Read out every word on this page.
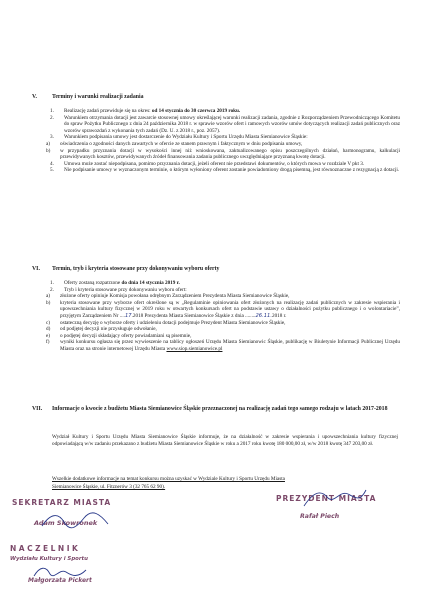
V.	Terminy i warunki realizacji zadania

1. Realizację zadań przewiduje się na okres: od 14 stycznia do 30 czerwca 2019 roku.

2. Warunkiem otrzymania dotacji jest zawarcie stosownej umowy określającej warunki realizacji zadania, zgodnie z Rozporządzeniem Przewodniczącego Komitetu do spraw Pożytku Publicznego z dnia 24 października 2018 r. w sprawie wzorów ofert i ramowych wzorów umów dotyczących realizacji zadań publicznych oraz wzorów sprawozdań z wykonania tych zadań (Dz. U. z 2018 r., poz. 2057).

3. Warunkiem podpisania umowy jest dostarczenie do Wydziału Kultury i Sportu Urzędu Miasta Siemianowice Śląskie:

a) oświadczenia o zgodności danych zawartych w ofercie ze stanem prawnym i faktycznym w dniu podpisania umowy,

b) w przypadku przyznania dotacji w wysokości innej niż wnioskowana, zaktualizowanego opisu poszczególnych działań, harmonogramu, kalkulacji przewidywanych kosztów, przewidywanych źródeł finansowania zadania publicznego uwzględniające przyznaną kwotę dotacji.

4. Umowa może zostać niepodpisana, pomimo przyznania dotacji, jeżeli oferent nie przedstawi dokumentów, o których mowa w rozdziale V pkt 3.

5. Nie podpisanie umowy w wyznaczonym terminie, o którym wyłoniony oferent zostanie powiadomiony drogą pisemną, jest równoznaczne z rezygnacją z dotacji.

VI. Termin, tryb i kryteria stosowane przy dokonywaniu wyboru oferty

1. Oferty zostaną rozpatrzone do dnia 14 stycznia 2019 r.

2. Tryb i kryteria stosowane przy dokonywaniu wyboru ofert:

a) złożone oferty opiniuje Komisja powołana odrębnym Zarządzeniem Prezydenta Miasta Siemianowice Śląskie,

b) kryteria stosowane przy wyborze ofert określone są w „Regulaminie opiniowania ofert złożonych na realizację zadań publicznych w zakresie wspierania i upowszechniania kultury fizycznej w 2019 roku w otwartych konkursach ofert na podstawie ustawy o działalności pożytku publicznego i o wolontariacie”, przyjętym Zarządzeniem Nr ....17.2018 Prezydenta Miasta Siemianowice Śląskie z dnia ........26.11.2018 r.

c) ostateczną decyzję o wyborze oferty i udzieleniu dotacji podejmuje Prezydent Miasta Siemianowice Śląskie,

d) od podjętej decyzji nie przysługuje odwołanie,

e) o podjętej decyzji składający oferty powiadamiani są pisemnie,

f) wyniki konkursu ogłasza się przez wywieszenie na tablicy ogłoszeń Urzędu Miasta Siemianowic Śląskie, publikację w Biuletynie Informacji Publicznej Urzędu Miasta oraz na stronie internetowej Urzędu Miasta www.siop.siemianowice.pl

VII. Informacje o kwocie z budżetu Miasta Siemianowice Śląskie przeznaczonej na realizację zadań tego samego rodzaju w latach 2017-2018

Wydział Kultury i Sportu Urzędu Miasta Siemianowice Śląskie informuje, że na działalność w zakresie wspierania i upowszechniania kultury fizycznej odpowiadającą w/w zadaniu przekazano z budżetu Miasta Siemianowice Śląskie w roku a 2017 roku kwotę 180 000,00 zł, w/w 2018 kwotę 347 203,00 zł.

Wszelkie dodatkowe informacje na temat konkursu można uzyskać w Wydziale Kultury i Sportu Urzędu Miasta

Siemianowice Śląskie, ul. Fitznerów 3 (32 765 62 90).

SEKRETARZ MIASTA
Adam Skowronek
PREZYDENT MIASTA
Rafał Piech
NACZELNIK
Wydziału Kultury i Sportu
Małgorzata Pickert
